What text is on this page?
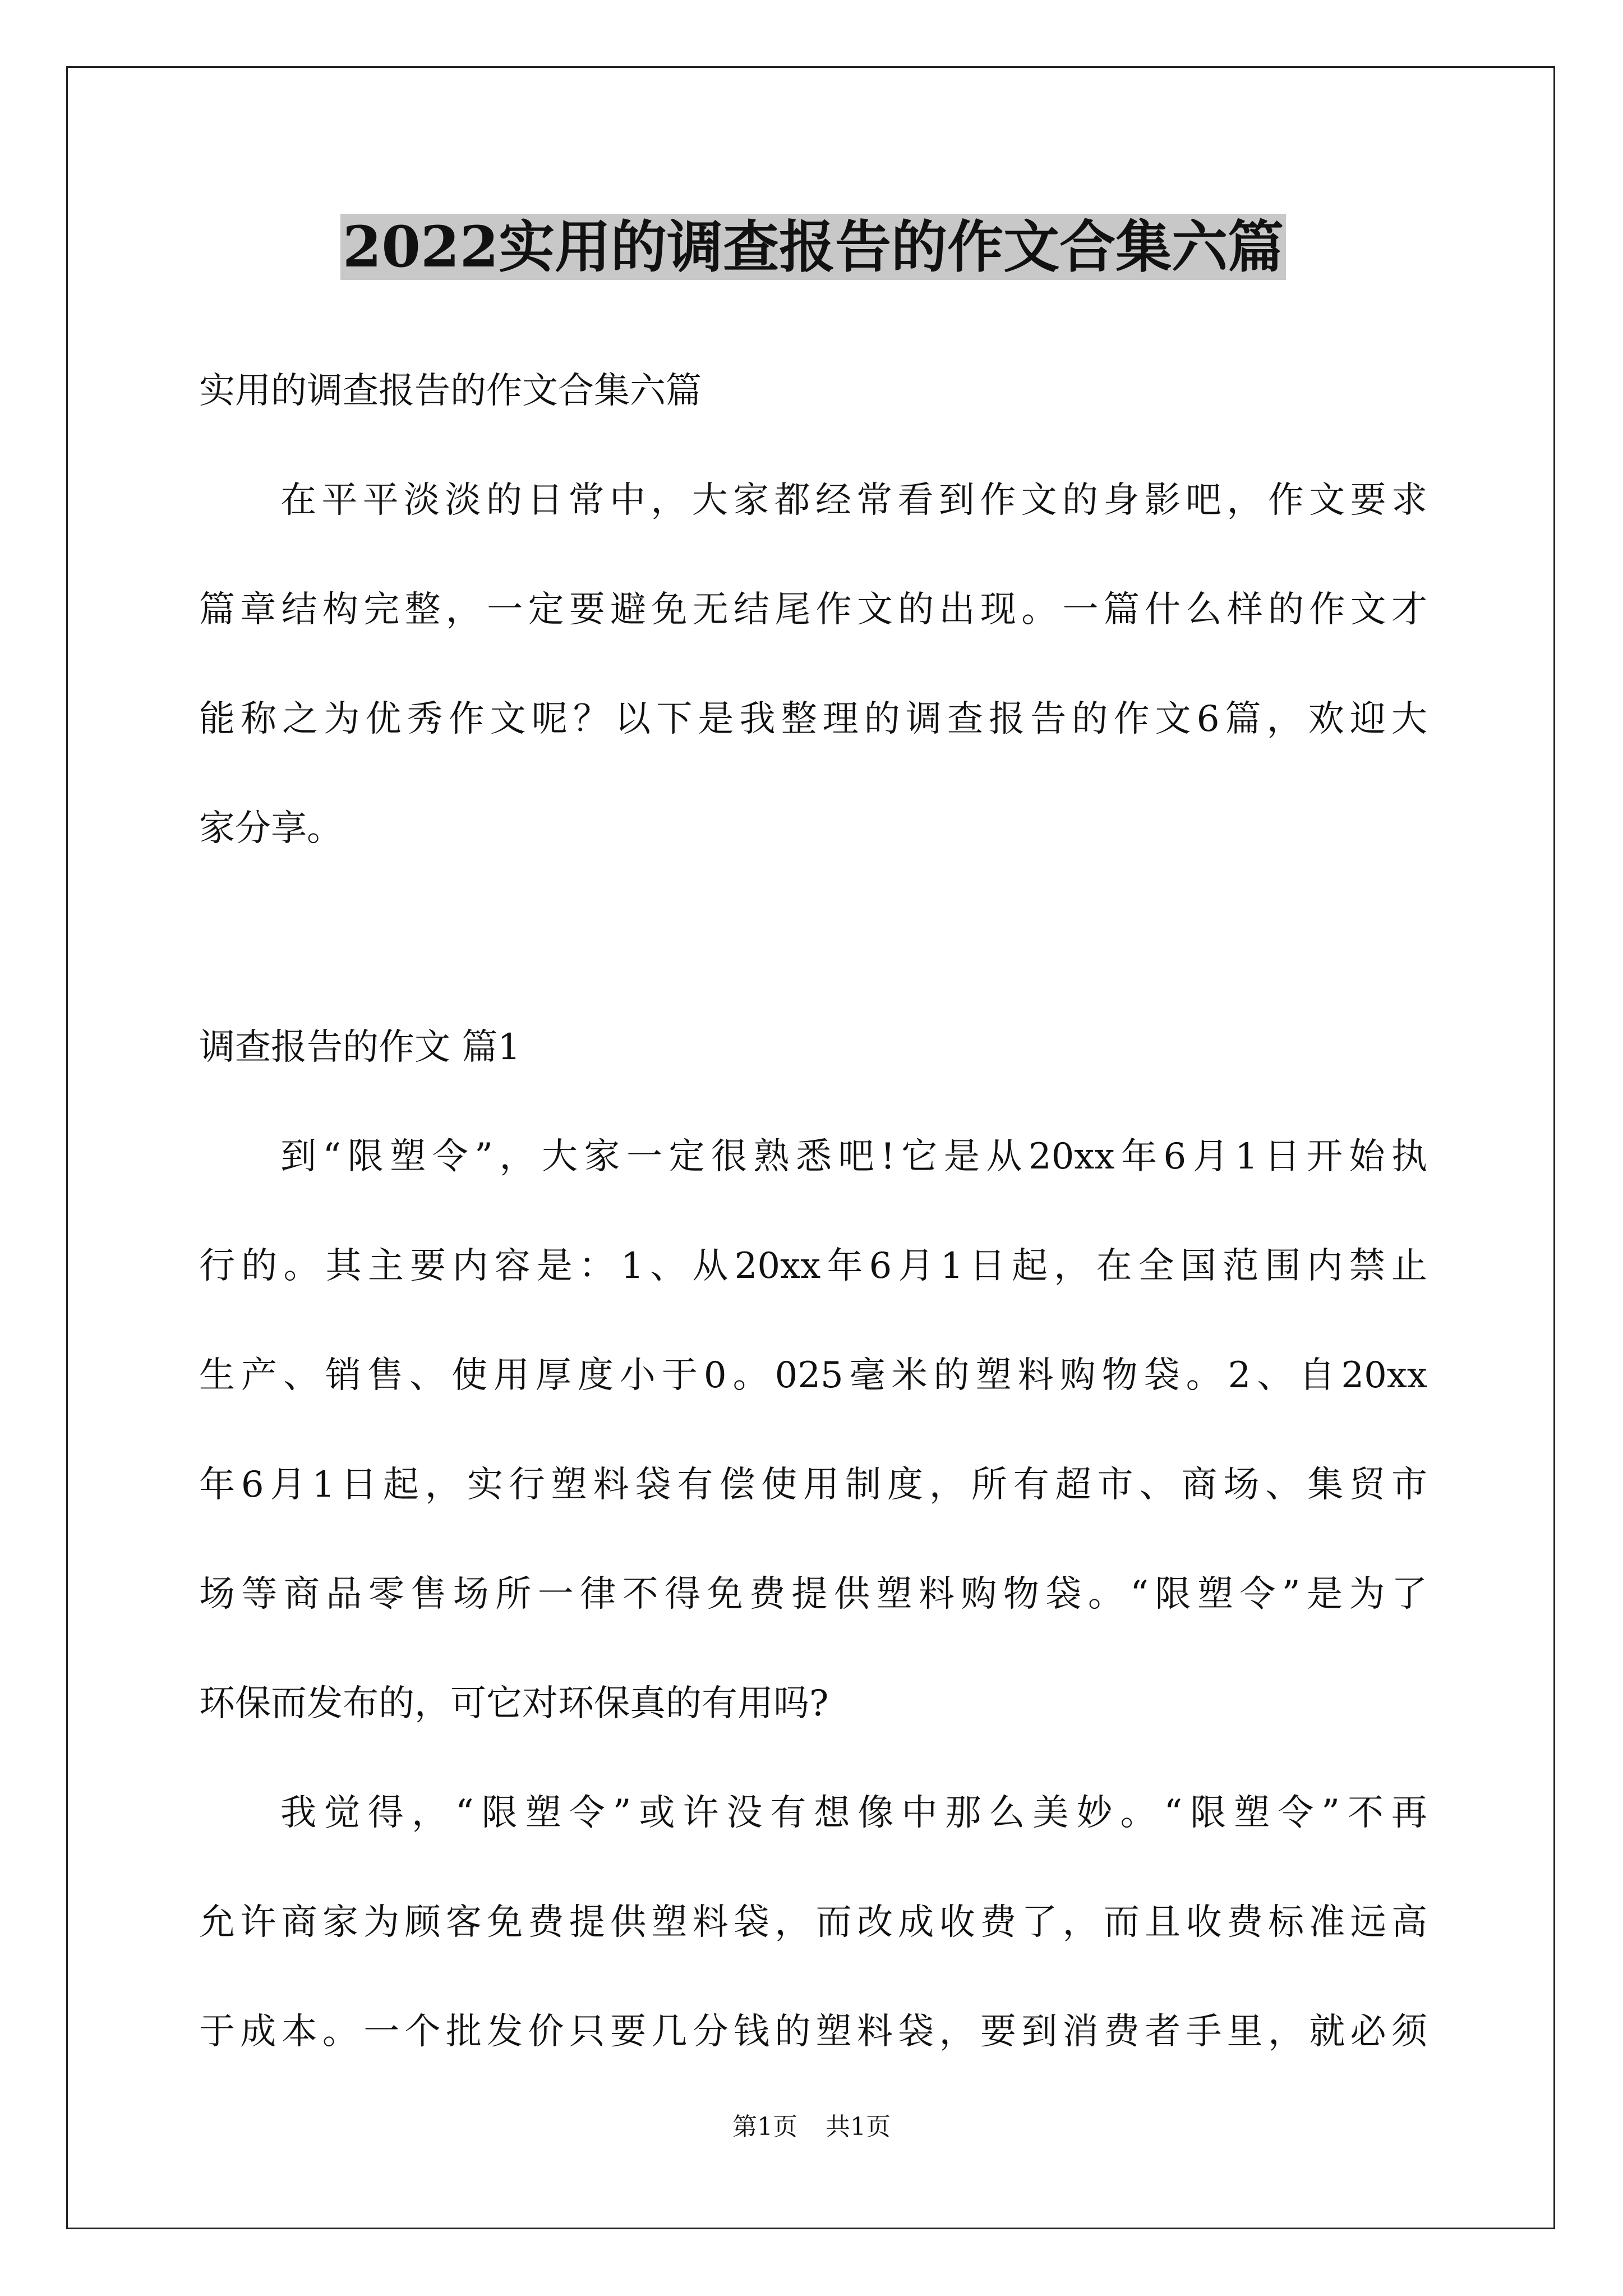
2022实用的调查报告的作文合集六篇

实用的调查报告的作文合集六篇

在平平淡淡的日常中，大家都经常看到作文的身影吧，作文要求
篇章结构完整，一定要避免无结尾作文的出现。一篇什么样的作文才
能称之为优秀作文呢？以下是我整理的调查报告的作文6篇，欢迎大
家分享。

调查报告的作文 篇1

到“限塑令”，大家一定很熟悉吧!它是从20xx年6月1日开始执
行的。其主要内容是：1、从20xx年6月1日起，在全国范围内禁止
生产、销售、使用厚度小于0。025毫米的塑料购物袋。2、自20xx
年6月1日起，实行塑料袋有偿使用制度，所有超市、商场、集贸市
场等商品零售场所一律不得免费提供塑料购物袋。“限塑令”是为了
环保而发布的，可它对环保真的有用吗?

我觉得，“限塑令”或许没有想像中那么美妙。“限塑令”不再
允许商家为顾客免费提供塑料袋，而改成收费了，而且收费标准远高
于成本。一个批发价只要几分钱的塑料袋，要到消费者手里，就必须

第1页 共1页
